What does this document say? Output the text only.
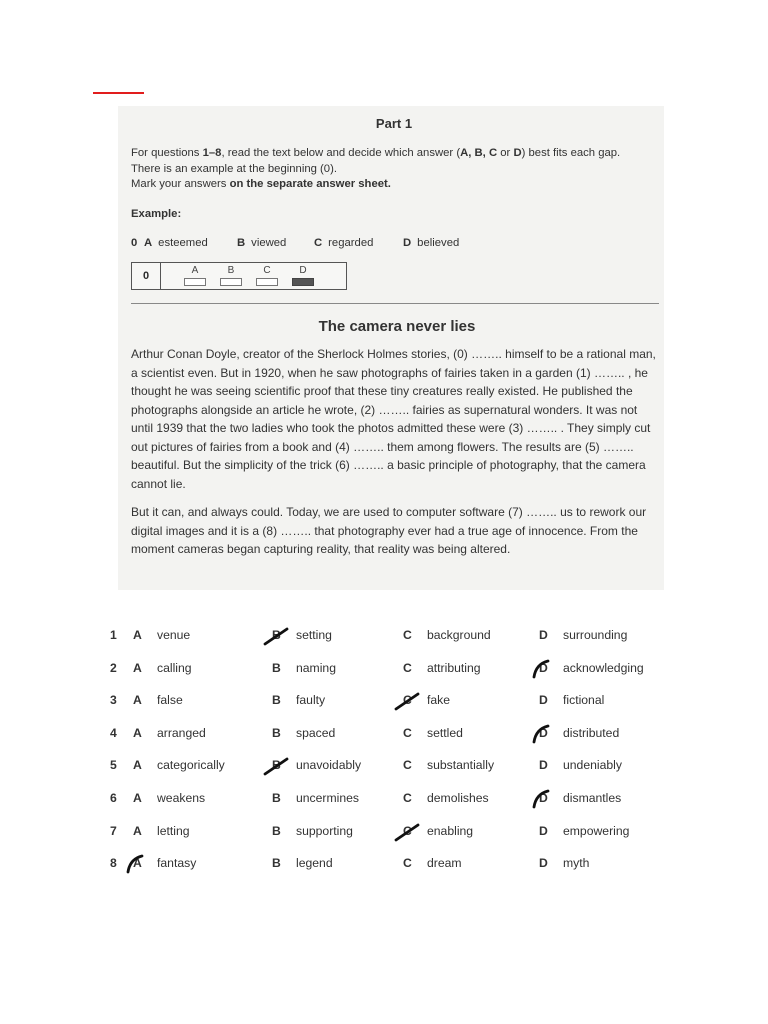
Part 1

For questions 1–8, read the text below and decide which answer (A, B, C or D) best fits each gap.

There is an example at the beginning (0).

Mark your answers on the separate answer sheet.

Example:
0 A esteemed	B viewed C regarded	D believed
0	A	B	C	D
The camera never lies

Arthur Conan Doyle, creator of the Sherlock Holmes stories, (0) …….. himself to be a rational man, a scientist even. But in 1920, when he saw photographs of fairies taken in a garden (1) …….. , he thought he was seeing scientific proof that these tiny creatures really existed. He published the photographs alongside an article he wrote, (2) …….. fairies as supernatural wonders. It was not until 1939 that the two ladies who took the photos admitted these were (3) …….. . They simply cut out pictures of fairies from a book and (4) …….. them among flowers. The results are (5) …….. beautiful. But the simplicity of the trick (6) …….. a basic principle of photography, that the camera cannot lie.

But it can, and always could. Today, we are used to computer software (7) …….. us to rework our digital images and it is a (8) …….. that photography ever had a true age of innocence. From the moment cameras began capturing reality, that reality was being altered.

1 A venue	B setting	C background	D surrounding
2 A calling	B naming	C attributing	D acknowledging
3 A false	B faulty	C fake	D fictional
4 A arranged	B spaced	C settled	D distributed
5 A categorically	B unavoidably	C substantially	D undeniably
6 A weakens	B uncermines	C demolishes	D dismantles
7 A letting	B supporting	C enabling	D empowering
8 A fantasy	B legend	C dream	D myth
